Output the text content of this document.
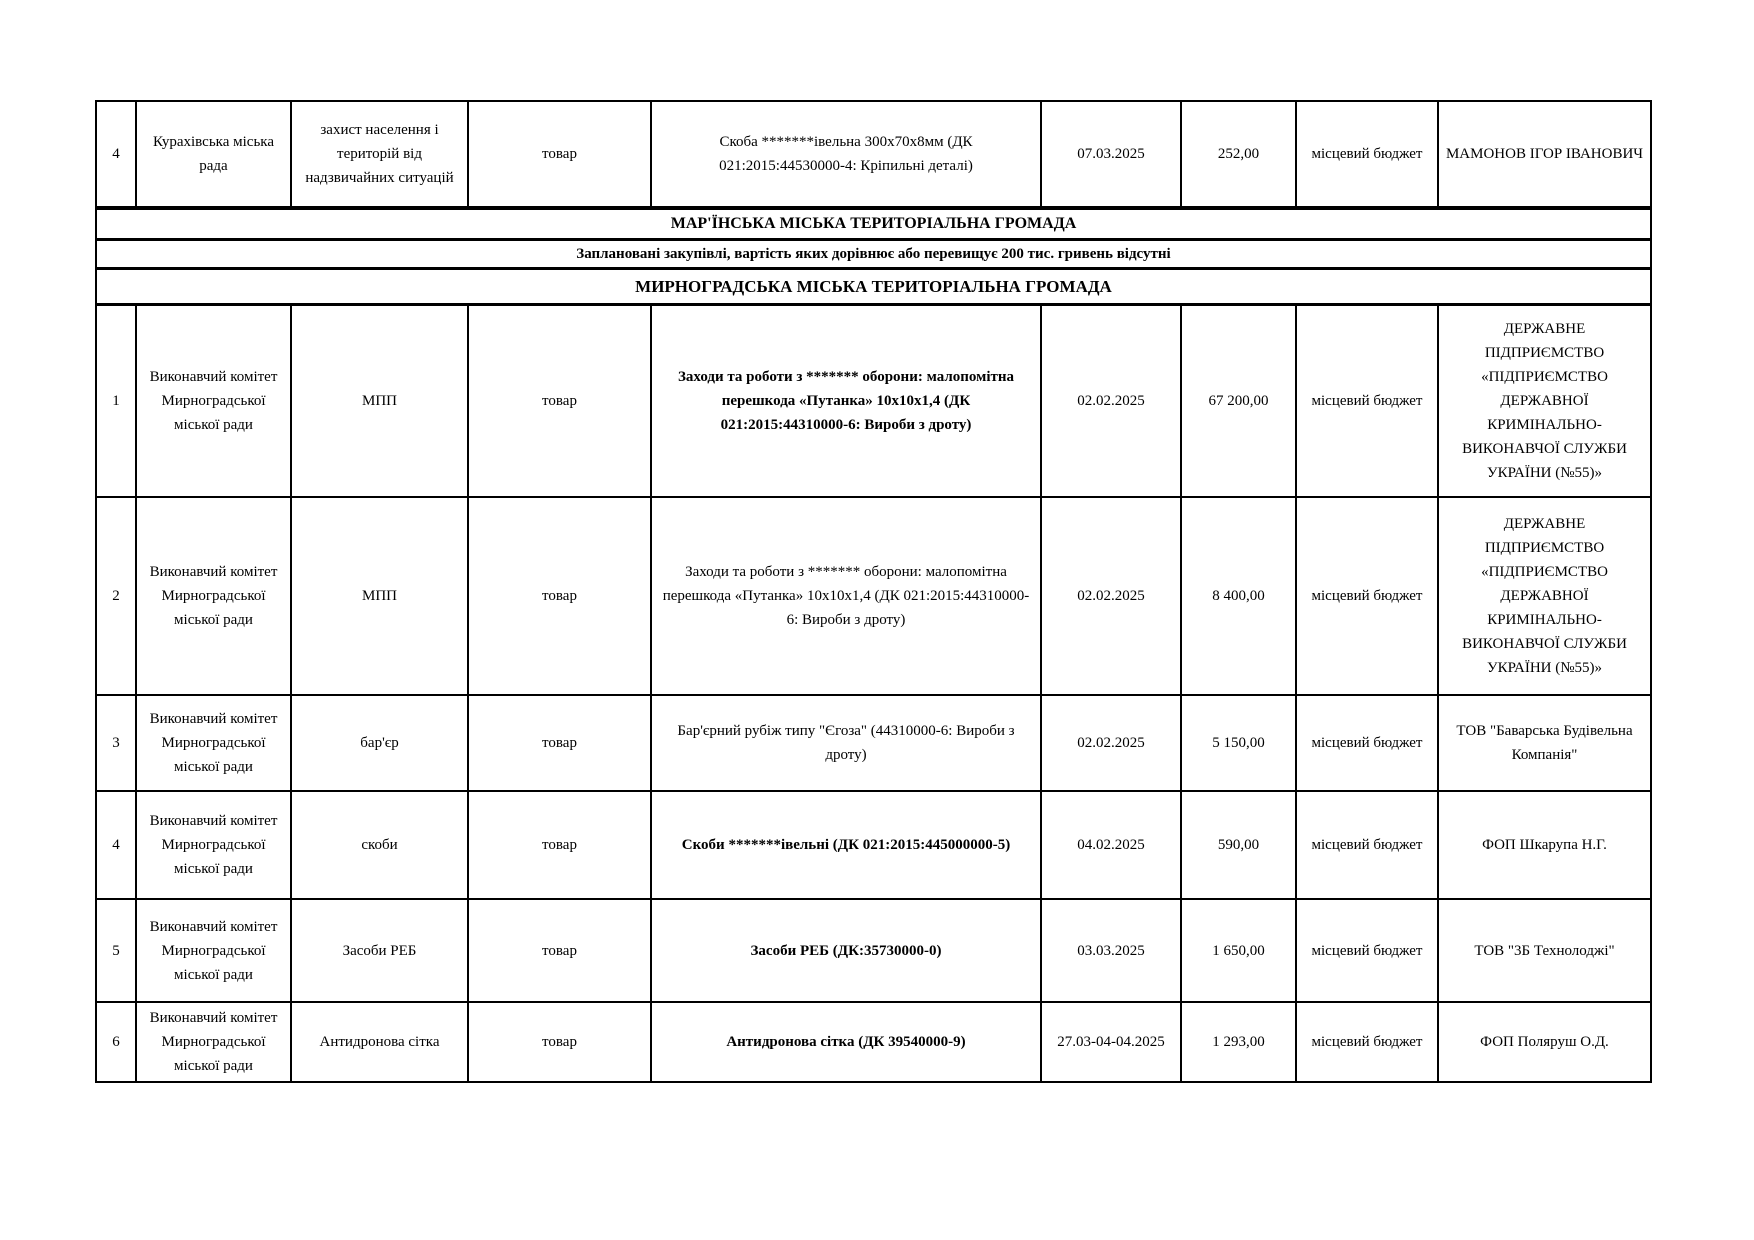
4	Курахівська міська рада	захист населення і територій від надзвичайних ситуацій	товар	Скоба *******івельна 300х70х8мм (ДК 021:2015:44530000-4: Кріпильні деталі)	07.03.2025	252,00	місцевий бюджет	МАМОНОВ ІГОР ІВАНОВИЧ
МАР'ЇНСЬКА МІСЬКА ТЕРИТОРІАЛЬНА ГРОМАДА								
Заплановані закупівлі, вартість яких дорівнює або перевищує 200 тис. гривень відсутні								
МИРНОГРАДСЬКА МІСЬКА ТЕРИТОРІАЛЬНА ГРОМАДА								
1	Виконавчий комітет Мирноградської міської ради	МПП	товар	Заходи та роботи з ******* оборони: малопомітна перешкода «Путанка» 10х10х1,4 (ДК 021:2015:44310000-6: Вироби з дроту)	02.02.2025	67 200,00	місцевий бюджет	ДЕРЖАВНЕ ПІДПРИЄМСТВО «ПІДПРИЄМСТВО ДЕРЖАВНОЇ КРИМІНАЛЬНО-ВИКОНАВЧОЇ СЛУЖБИ УКРАЇНИ (№55)»
2	Виконавчий комітет Мирноградської міської ради	МПП	товар	Заходи та роботи з ******* оборони: малопомітна перешкода «Путанка» 10х10х1,4 (ДК 021:2015:44310000-6: Вироби з дроту)	02.02.2025	8 400,00	місцевий бюджет	ДЕРЖАВНЕ ПІДПРИЄМСТВО «ПІДПРИЄМСТВО ДЕРЖАВНОЇ КРИМІНАЛЬНО-ВИКОНАВЧОЇ СЛУЖБИ УКРАЇНИ (№55)»
3	Виконавчий комітет Мирноградської міської ради	бар'єр	товар	Бар'єрний рубіж типу "Єгоза" (44310000-6: Вироби з дроту)	02.02.2025	5 150,00	місцевий бюджет	ТОВ "Баварська Будівельна Компанія"
4	Виконавчий комітет Мирноградської міської ради	скоби	товар	Скоби *******івельні (ДК 021:2015:445000000-5)	04.02.2025	590,00	місцевий бюджет	ФОП Шкарупа Н.Г.
5	Виконавчий комітет Мирноградської міської ради	Засоби РЕБ	товар	Засоби РЕБ (ДК:35730000-0)	03.03.2025	1 650,00	місцевий бюджет	ТОВ "3Б Технолоджі"
6	Виконавчий комітет Мирноградської міської ради	Антидронова сітка	товар	Антидронова сітка (ДК 39540000-9)	27.03-04-04.2025	1 293,00	місцевий бюджет	ФОП Поляруш О.Д.
